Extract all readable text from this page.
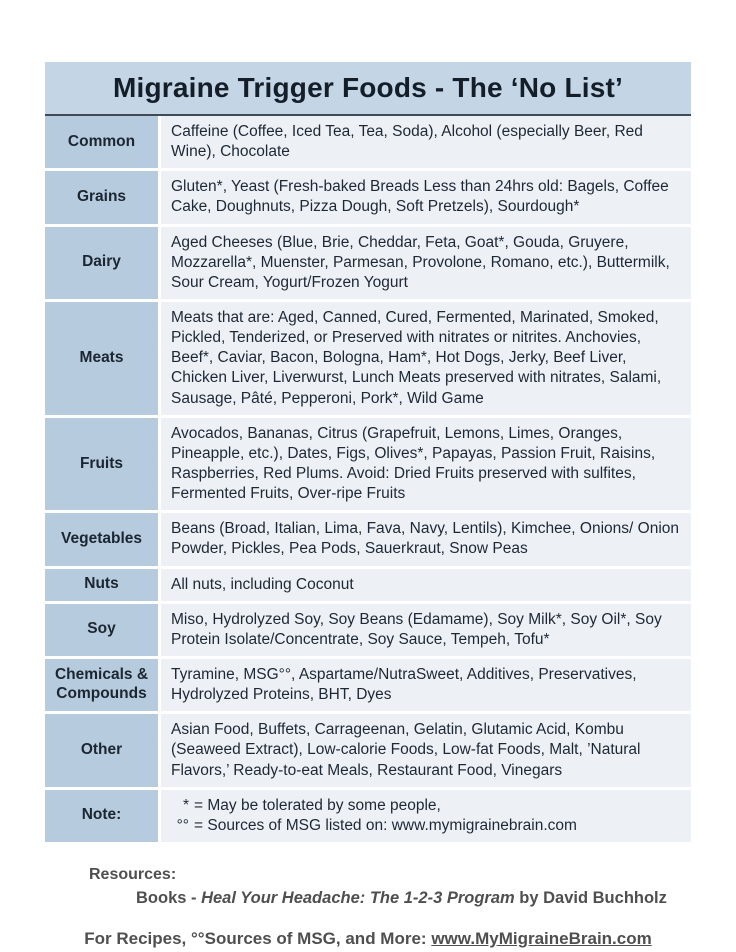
Migraine Trigger Foods - The ‘No List’
Common
Caffeine (Coffee, Iced Tea, Tea, Soda), Alcohol (especially Beer, Red Wine), Chocolate
Grains
Gluten*, Yeast (Fresh-baked Breads Less than 24hrs old: Bagels, Coffee Cake, Doughnuts, Pizza Dough, Soft Pretzels), Sourdough*
Dairy
Aged Cheeses (Blue, Brie, Cheddar, Feta, Goat*, Gouda, Gruyere, Mozzarella*, Muenster, Parmesan, Provolone, Romano, etc.), Buttermilk, Sour Cream, Yogurt/Frozen Yogurt
Meats
Meats that are: Aged, Canned, Cured, Fermented, Marinated, Smoked, Pickled, Tenderized, or Preserved with nitrates or nitrites. Anchovies, Beef*, Caviar, Bacon, Bologna, Ham*, Hot Dogs, Jerky, Beef Liver, Chicken Liver, Liverwurst, Lunch Meats preserved with nitrates, Salami, Sausage, Pâté, Pepperoni, Pork*, Wild Game
Fruits
Avocados, Bananas, Citrus (Grapefruit, Lemons, Limes, Oranges, Pineapple, etc.), Dates, Figs, Olives*, Papayas, Passion Fruit, Raisins, Raspberries, Red Plums. Avoid: Dried Fruits preserved with sulfites, Fermented Fruits, Over-ripe Fruits
Vegetables
Beans (Broad, Italian, Lima, Fava, Navy, Lentils), Kimchee, Onions/ Onion Powder, Pickles, Pea Pods, Sauerkraut, Snow Peas
Nuts	All nuts, including Coconut
Soy
Miso, Hydrolyzed Soy, Soy Beans (Edamame), Soy Milk*, Soy Oil*, Soy Protein Isolate/Concentrate, Soy Sauce, Tempeh, Tofu*
Chemicals & Compounds
Tyramine, MSG°°, Aspartame/NutraSweet, Additives, Preservatives, Hydrolyzed Proteins, BHT, Dyes
Other
Asian Food, Buffets, Carrageenan, Gelatin, Glutamic Acid, Kombu (Seaweed Extract), Low-calorie Foods, Low-fat Foods, Malt, ’Natural Flavors,’ Ready-to-eat Meals, Restaurant Food, Vinegars
Note:
* = May be tolerated by some people,
°° = Sources of MSG listed on: www.mymigrainebrain.com
Resources:
Books - Heal Your Headache: The 1-2-3 Program by David Buchholz
For Recipes, °°Sources of MSG, and More: www.MyMigraineBrain.com
